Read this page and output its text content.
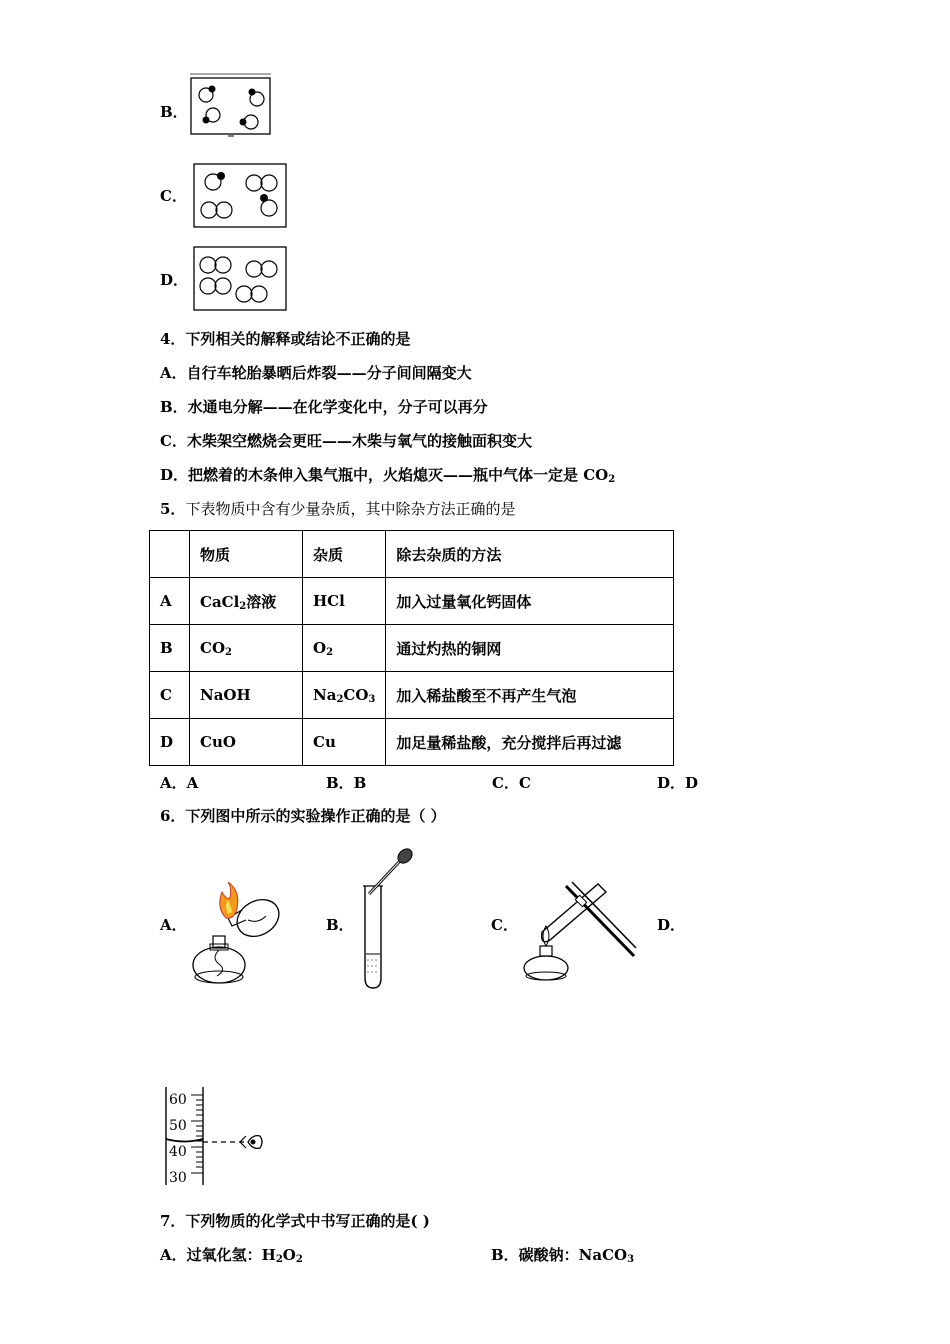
B．
C．
D．
4．下列相关的解释或结论不正确的是
A．自行车轮胎暴晒后炸裂——分子间间隔变大
B．水通电分解——在化学变化中，分子可以再分
C．木柴架空燃烧会更旺——木柴与氧气的接触面积变大
D．把燃着的木条伸入集气瓶中，火焰熄灭——瓶中气体一定是 $CO_2$
5．下表物质中含有少量杂质，其中除杂方法正确的是
	物质	杂质	除去杂质的方法
A	CaCl$_2$溶液	HCl	加入过量氧化钙固体
B	$CO_2$	$O_2$	通过灼热的铜网
C	NaOH	$Na_2CO_3$	加入稀盐酸至不再产生气泡
D	CuO	Cu	加足量稀盐酸，充分搅拌后再过滤
A．A	B．B	C．C	D．D
6．下列图中所示的实验操作正确的是（ ）
A．	B．	C．	D．
60
50
40
30
7．下列物质的化学式中书写正确的是( )
A．过氧化氢：$H_2O_2$	B．碳酸钠：NaCO$_3$
